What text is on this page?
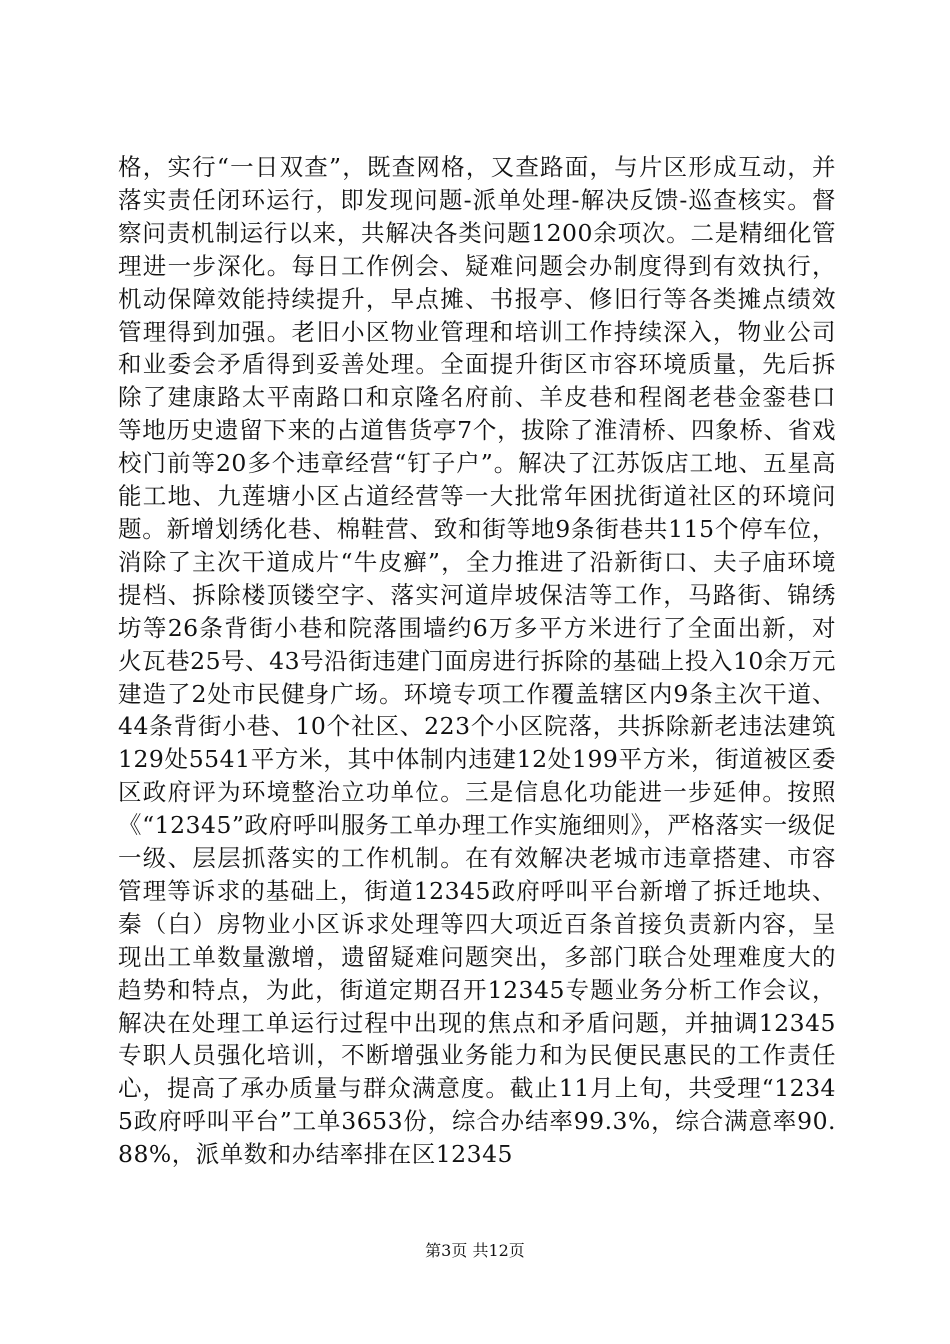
格，实行“一日双查”，既查网格，又查路面，与片区形成互动，并落实责任闭环运行，即发现问题-派单处理-解决反馈-巡查核实。督察问责机制运行以来，共解决各类问题1200余项次。二是精细化管理进一步深化。每日工作例会、疑难问题会办制度得到有效执行，机动保障效能持续提升，早点摊、书报亭、修旧行等各类摊点绩效管理得到加强。老旧小区物业管理和培训工作持续深入，物业公司和业委会矛盾得到妥善处理。全面提升街区市容环境质量，先后拆除了建康路太平南路口和京隆名府前、羊皮巷和程阁老巷金銮巷口等地历史遗留下来的占道售货亭7个，拔除了淮清桥、四象桥、省戏校门前等20多个违章经营“钉子户”。解决了江苏饭店工地、五星高能工地、九莲塘小区占道经营等一大批常年困扰街道社区的环境问题。新增划绣化巷、棉鞋营、致和街等地9条街巷共115个停车位，消除了主次干道成片“牛皮癣”，全力推进了沿新街口、夫子庙环境提档、拆除楼顶镂空字、落实河道岸坡保洁等工作，马路街、锦绣坊等26条背街小巷和院落围墙约6万多平方米进行了全面出新，对火瓦巷25号、43号沿街违建门面房进行拆除的基础上投入10余万元建造了2处市民健身广场。环境专项工作覆盖辖区内9条主次干道、44条背街小巷、10个社区、223个小区院落，共拆除新老违法建筑129处5541平方米，其中体制内违建12处199平方米，街道被区委区政府评为环境整治立功单位。三是信息化功能进一步延伸。按照《“12345”政府呼叫服务工单办理工作实施细则》，严格落实一级促一级、层层抓落实的工作机制。在有效解决老城市违章搭建、市容管理等诉求的基础上，街道12345政府呼叫平台新增了拆迁地块、秦（白）房物业小区诉求处理等四大项近百条首接负责新内容，呈现出工单数量激增，遗留疑难问题突出，多部门联合处理难度大的趋势和特点，为此，街道定期召开12345专题业务分析工作会议，解决在处理工单运行过程中出现的焦点和矛盾问题，并抽调12345专职人员强化培训，不断增强业务能力和为民便民惠民的工作责任心，提高了承办质量与群众满意度。截止11月上旬，共受理“12345政府呼叫平台”工单3653份，综合办结率99.3%，综合满意率90.88%，派单数和办结率排在区12345

第3页 共12页
